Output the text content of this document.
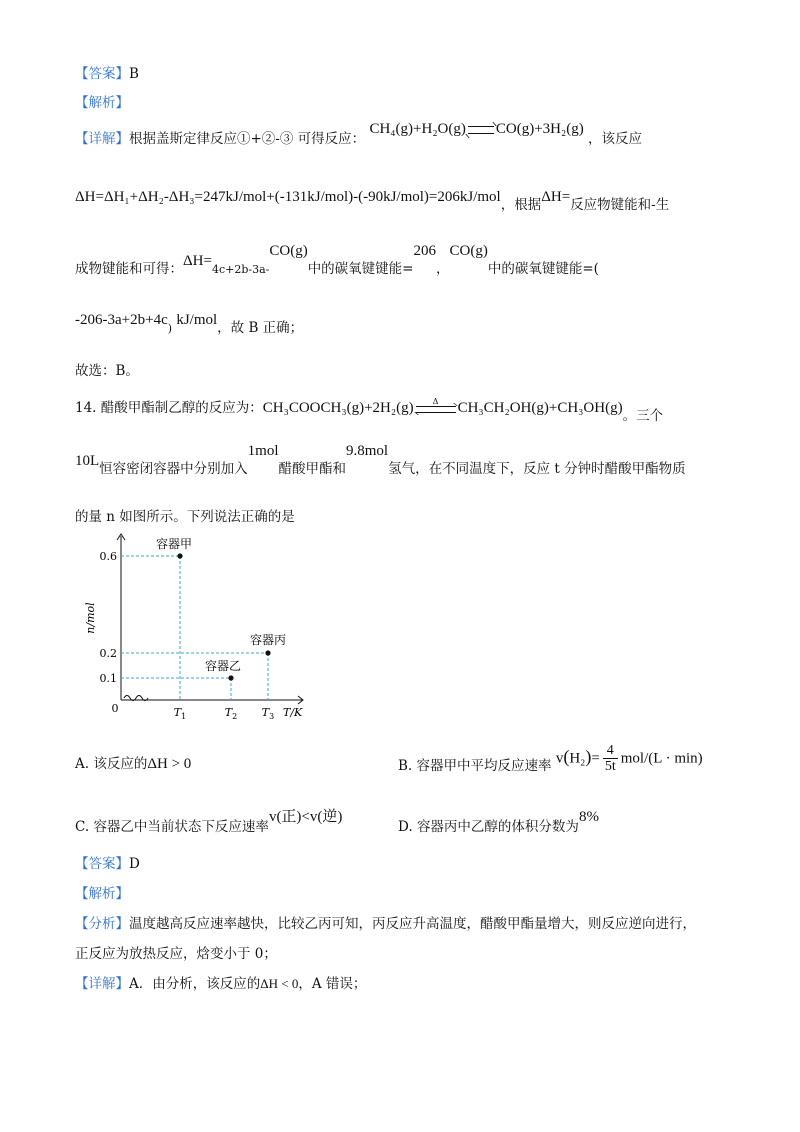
【答案】B
【解析】
【详解】根据盖斯定律反应①+②-③ 可得反应： CH₄(g)+H₂O(g) CO(g)+3H₂(g) ，该反应
ΔH=ΔH₁+ΔH₂-ΔH₃=247kJ/mol+(-131kJ/mol)-(-90kJ/mol)=206kJ/mol，根据ΔH=反应物键能和-生
成物键能和可得：$\Delta H=_{4c+2b-3a-}CO(g)$中的碳氧键键能=206，CO(g)中的碳氧键键能=(
$-206-3a+2b+4c_)$ kJ/mol，故 B 正确；
故选：B。
14. 醋酸甲酯制乙醇的反应为：CH₃COOCH₃(g)+2H₂(g) Δ CH₃CH₂OH(g)+CH₃OH(g)。三个
10L恒容密闭容器中分别加入1mol醋酸甲酯和9.8mol氢气，在不同温度下，反应 t 分钟时醋酸甲酯物质
的量 n 如图所示。下列说法正确的是
n/mol
T/K
0
0.6
0.2
0.1
$T_1$	$T_2$ $T_3$
容器甲
容器乙
容器丙
A. 该反应的ΔH > 0	B. 容器甲中平均反应速率 $v(H_2)= \frac{4}{5t} mol/(L \cdot \min)$
C. 容器乙中当前状态下反应速率v(正)<v(逆)
D. 容器丙中乙醇的体积分数为8%
【答案】D
【解析】
【分析】温度越高反应速率越快，比较乙丙可知，丙反应升高温度，醋酸甲酯量增大，则反应逆向进行，
正反应为放热反应，焓变小于 0；
【详解】A．由分析，该反应的ΔH < 0，A 错误；
